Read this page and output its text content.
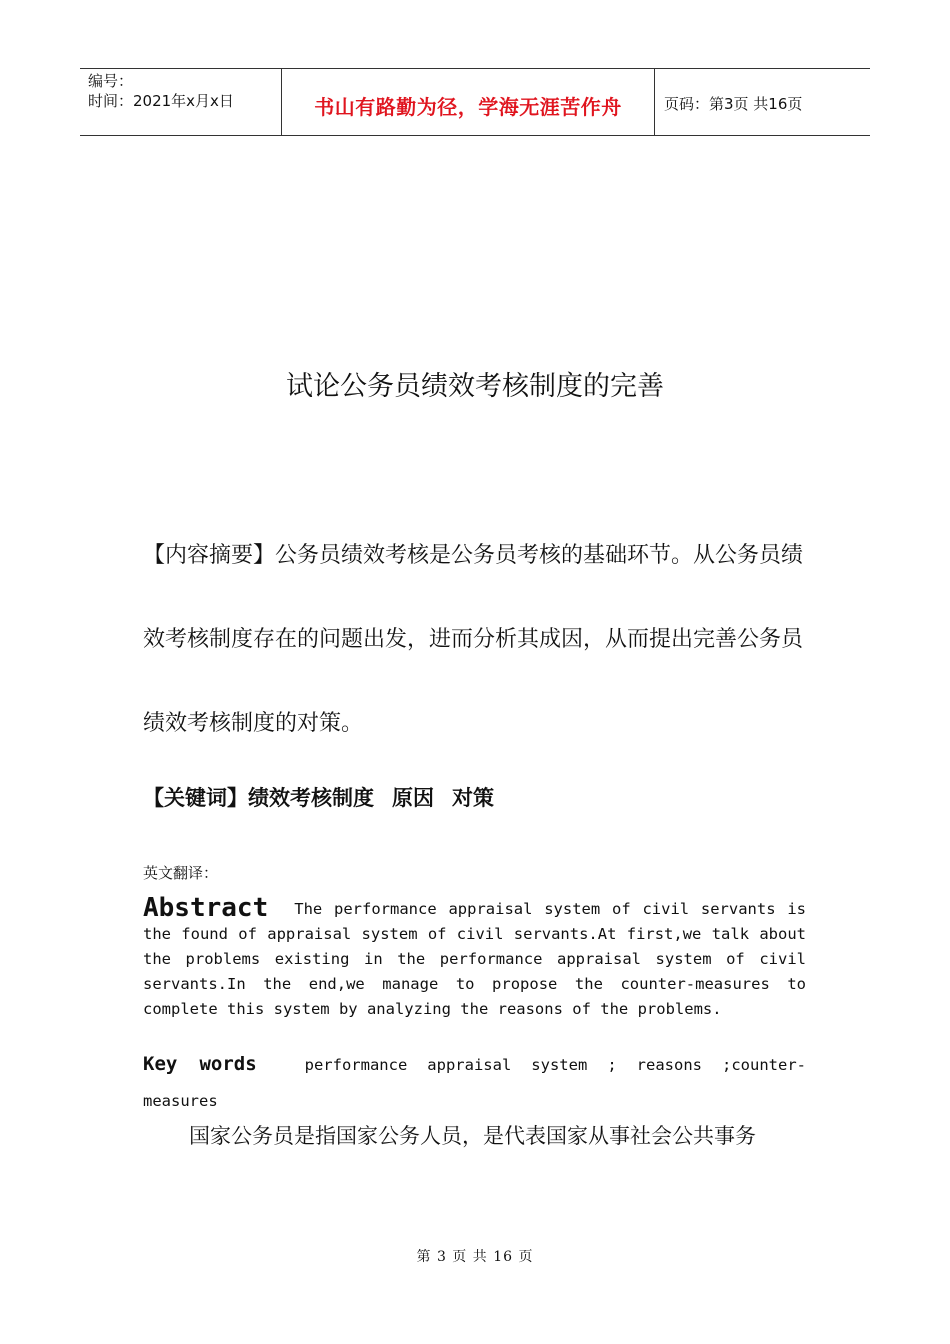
编号：
时间：2021年x月x日	书山有路勤为径，学海无涯苦作舟	页码：第3页 共16页
试论公务员绩效考核制度的完善
【内容摘要】公务员绩效考核是公务员考核的基础环节。从公务员绩效考核制度存在的问题出发，进而分析其成因，从而提出完善公务员绩效考核制度的对策。
【关键词】绩效考核制度 原因 对策
英文翻译：
Abstract The performance appraisal system of civil servants is the found of appraisal system of civil servants.At first,we talk about the problems existing in the performance appraisal system of civil servants.In the end,we manage to propose the counter-measures to complete this system by analyzing the reasons of the problems.
Key words	performance appraisal system ; reasons ;counter-measures
国家公务员是指国家公务人员，是代表国家从事社会公共事务
第 3 页 共 16 页
